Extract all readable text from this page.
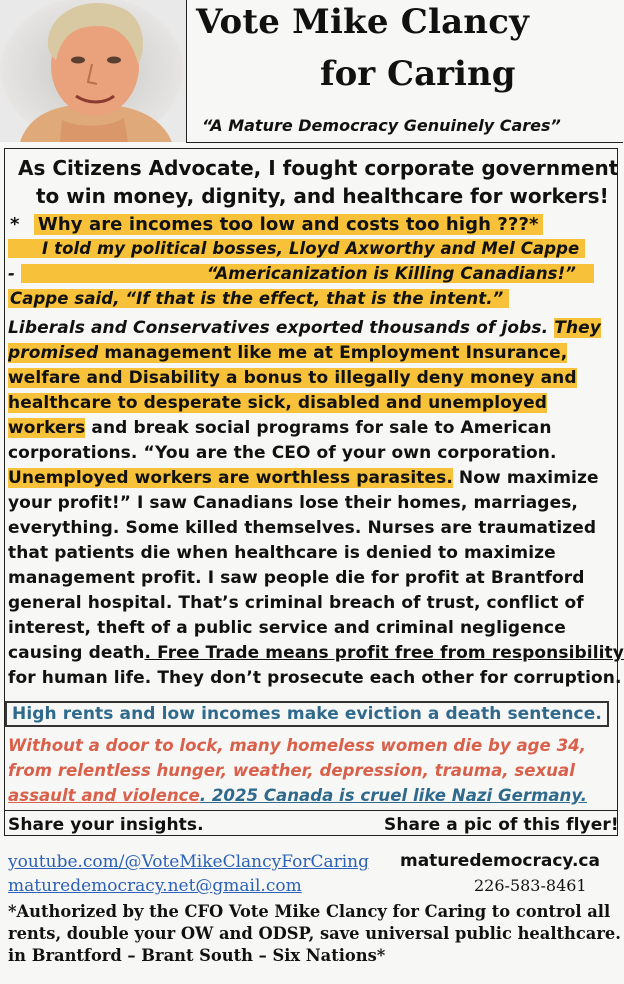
Vote Mike Clancy
for Caring
“A Mature Democracy Genuinely Cares”
As Citizens Advocate, I fought corporate government
to win money, dignity, and healthcare for workers!
* Why are incomes too low and costs too high ???*
I told my political bosses, Lloyd Axworthy and Mel Cappe
-	“Americanization is Killing Canadians!”
Cappe said, “If that is the effect, that is the intent.”
Liberals and Conservatives exported thousands of jobs. They
promised management like me at Employment Insurance,
welfare and Disability a bonus to illegally deny money and
healthcare to desperate sick, disabled and unemployed
workers and break social programs for sale to American
corporations. “You are the CEO of your own corporation.
Unemployed workers are worthless parasites. Now maximize
your profit!” I saw Canadians lose their homes, marriages,
everything. Some killed themselves. Nurses are traumatized
that patients die when healthcare is denied to maximize
management profit. I saw people die for profit at Brantford
general hospital. That’s criminal breach of trust, conflict of
interest, theft of a public service and criminal negligence
causing death. Free Trade means profit free from responsibility
for human life. They don’t prosecute each other for corruption.
High rents and low incomes make eviction a death sentence.
Without a door to lock, many homeless women die by age 34,
from relentless hunger, weather, depression, trauma, sexual
assault and violence. 2025 Canada is cruel like Nazi Germany.
Share your insights.	Share a pic of this flyer!
youtube.com/@VoteMikeClancyForCaring maturedemocracy.ca
maturedemocracy.net@gmail.com	226-583-8461
*Authorized by the CFO Vote Mike Clancy for Caring to control all
rents, double your OW and ODSP, save universal public healthcare.
in Brantford – Brant South – Six Nations*
